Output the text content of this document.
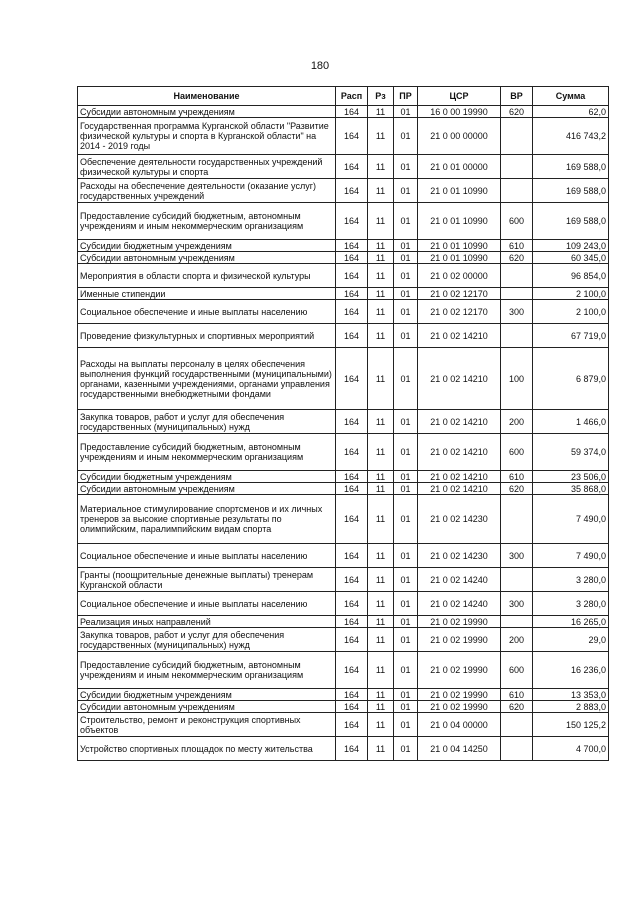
180
Наименование	Расп	Рз	ПР	ЦСР	ВР	Сумма
Субсидии автономным учреждениям	164	11	01	16 0 00 19990	620	62,0
Государственная программа Курганской области "Развитие физической культуры и спорта в Курганской области" на 2014 - 2019 годы	164	11	01	21 0 00 00000		416 743,2
Обеспечение деятельности государственных учреждений физической культуры и спорта	164	11	01	21 0 01 00000		169 588,0
Расходы на обеспечение деятельности (оказание услуг) государственных учреждений	164	11	01	21 0 01 10990		169 588,0
Предоставление субсидий бюджетным, автономным учреждениям и иным некоммерческим организациям	164	11	01	21 0 01 10990	600	169 588,0
Субсидии бюджетным учреждениям	164	11	01	21 0 01 10990	610	109 243,0
Субсидии автономным учреждениям	164	11	01	21 0 01 10990	620	60 345,0
Мероприятия в области спорта и физической культуры	164	11	01	21 0 02 00000		96 854,0
Именные стипендии	164	11	01	21 0 02 12170		2 100,0
Социальное обеспечение и иные выплаты населению	164	11	01	21 0 02 12170	300	2 100,0
Проведение физкультурных и спортивных мероприятий	164	11	01	21 0 02 14210		67 719,0
Расходы на выплаты персоналу в целях обеспечения выполнения функций государственными (муниципальными) органами, казенными учреждениями, органами управления государственными внебюджетными фондами	164	11	01	21 0 02 14210	100	6 879,0
Закупка товаров, работ и услуг для обеспечения государственных (муниципальных) нужд	164	11	01	21 0 02 14210	200	1 466,0
Предоставление субсидий бюджетным, автономным учреждениям и иным некоммерческим организациям	164	11	01	21 0 02 14210	600	59 374,0
Субсидии бюджетным учреждениям	164	11	01	21 0 02 14210	610	23 506,0
Субсидии автономным учреждениям	164	11	01	21 0 02 14210	620	35 868,0
Материальное стимулирование спортсменов и их личных тренеров за высокие спортивные результаты по олимпийским, паралимпийским видам спорта	164	11	01	21 0 02 14230		7 490,0
Социальное обеспечение и иные выплаты населению	164	11	01	21 0 02 14230	300	7 490,0
Гранты (поощрительные денежные выплаты) тренерам Курганской области	164	11	01	21 0 02 14240		3 280,0
Социальное обеспечение и иные выплаты населению	164	11	01	21 0 02 14240	300	3 280,0
Реализация иных направлений	164	11	01	21 0 02 19990		16 265,0
Закупка товаров, работ и услуг для обеспечения государственных (муниципальных) нужд	164	11	01	21 0 02 19990	200	29,0
Предоставление субсидий бюджетным, автономным учреждениям и иным некоммерческим организациям	164	11	01	21 0 02 19990	600	16 236,0
Субсидии бюджетным учреждениям	164	11	01	21 0 02 19990	610	13 353,0
Субсидии автономным учреждениям	164	11	01	21 0 02 19990	620	2 883,0
Строительство, ремонт и реконструкция спортивных объектов	164	11	01	21 0 04 00000		150 125,2
Устройство спортивных площадок по месту жительства	164	11	01	21 0 04 14250		4 700,0
